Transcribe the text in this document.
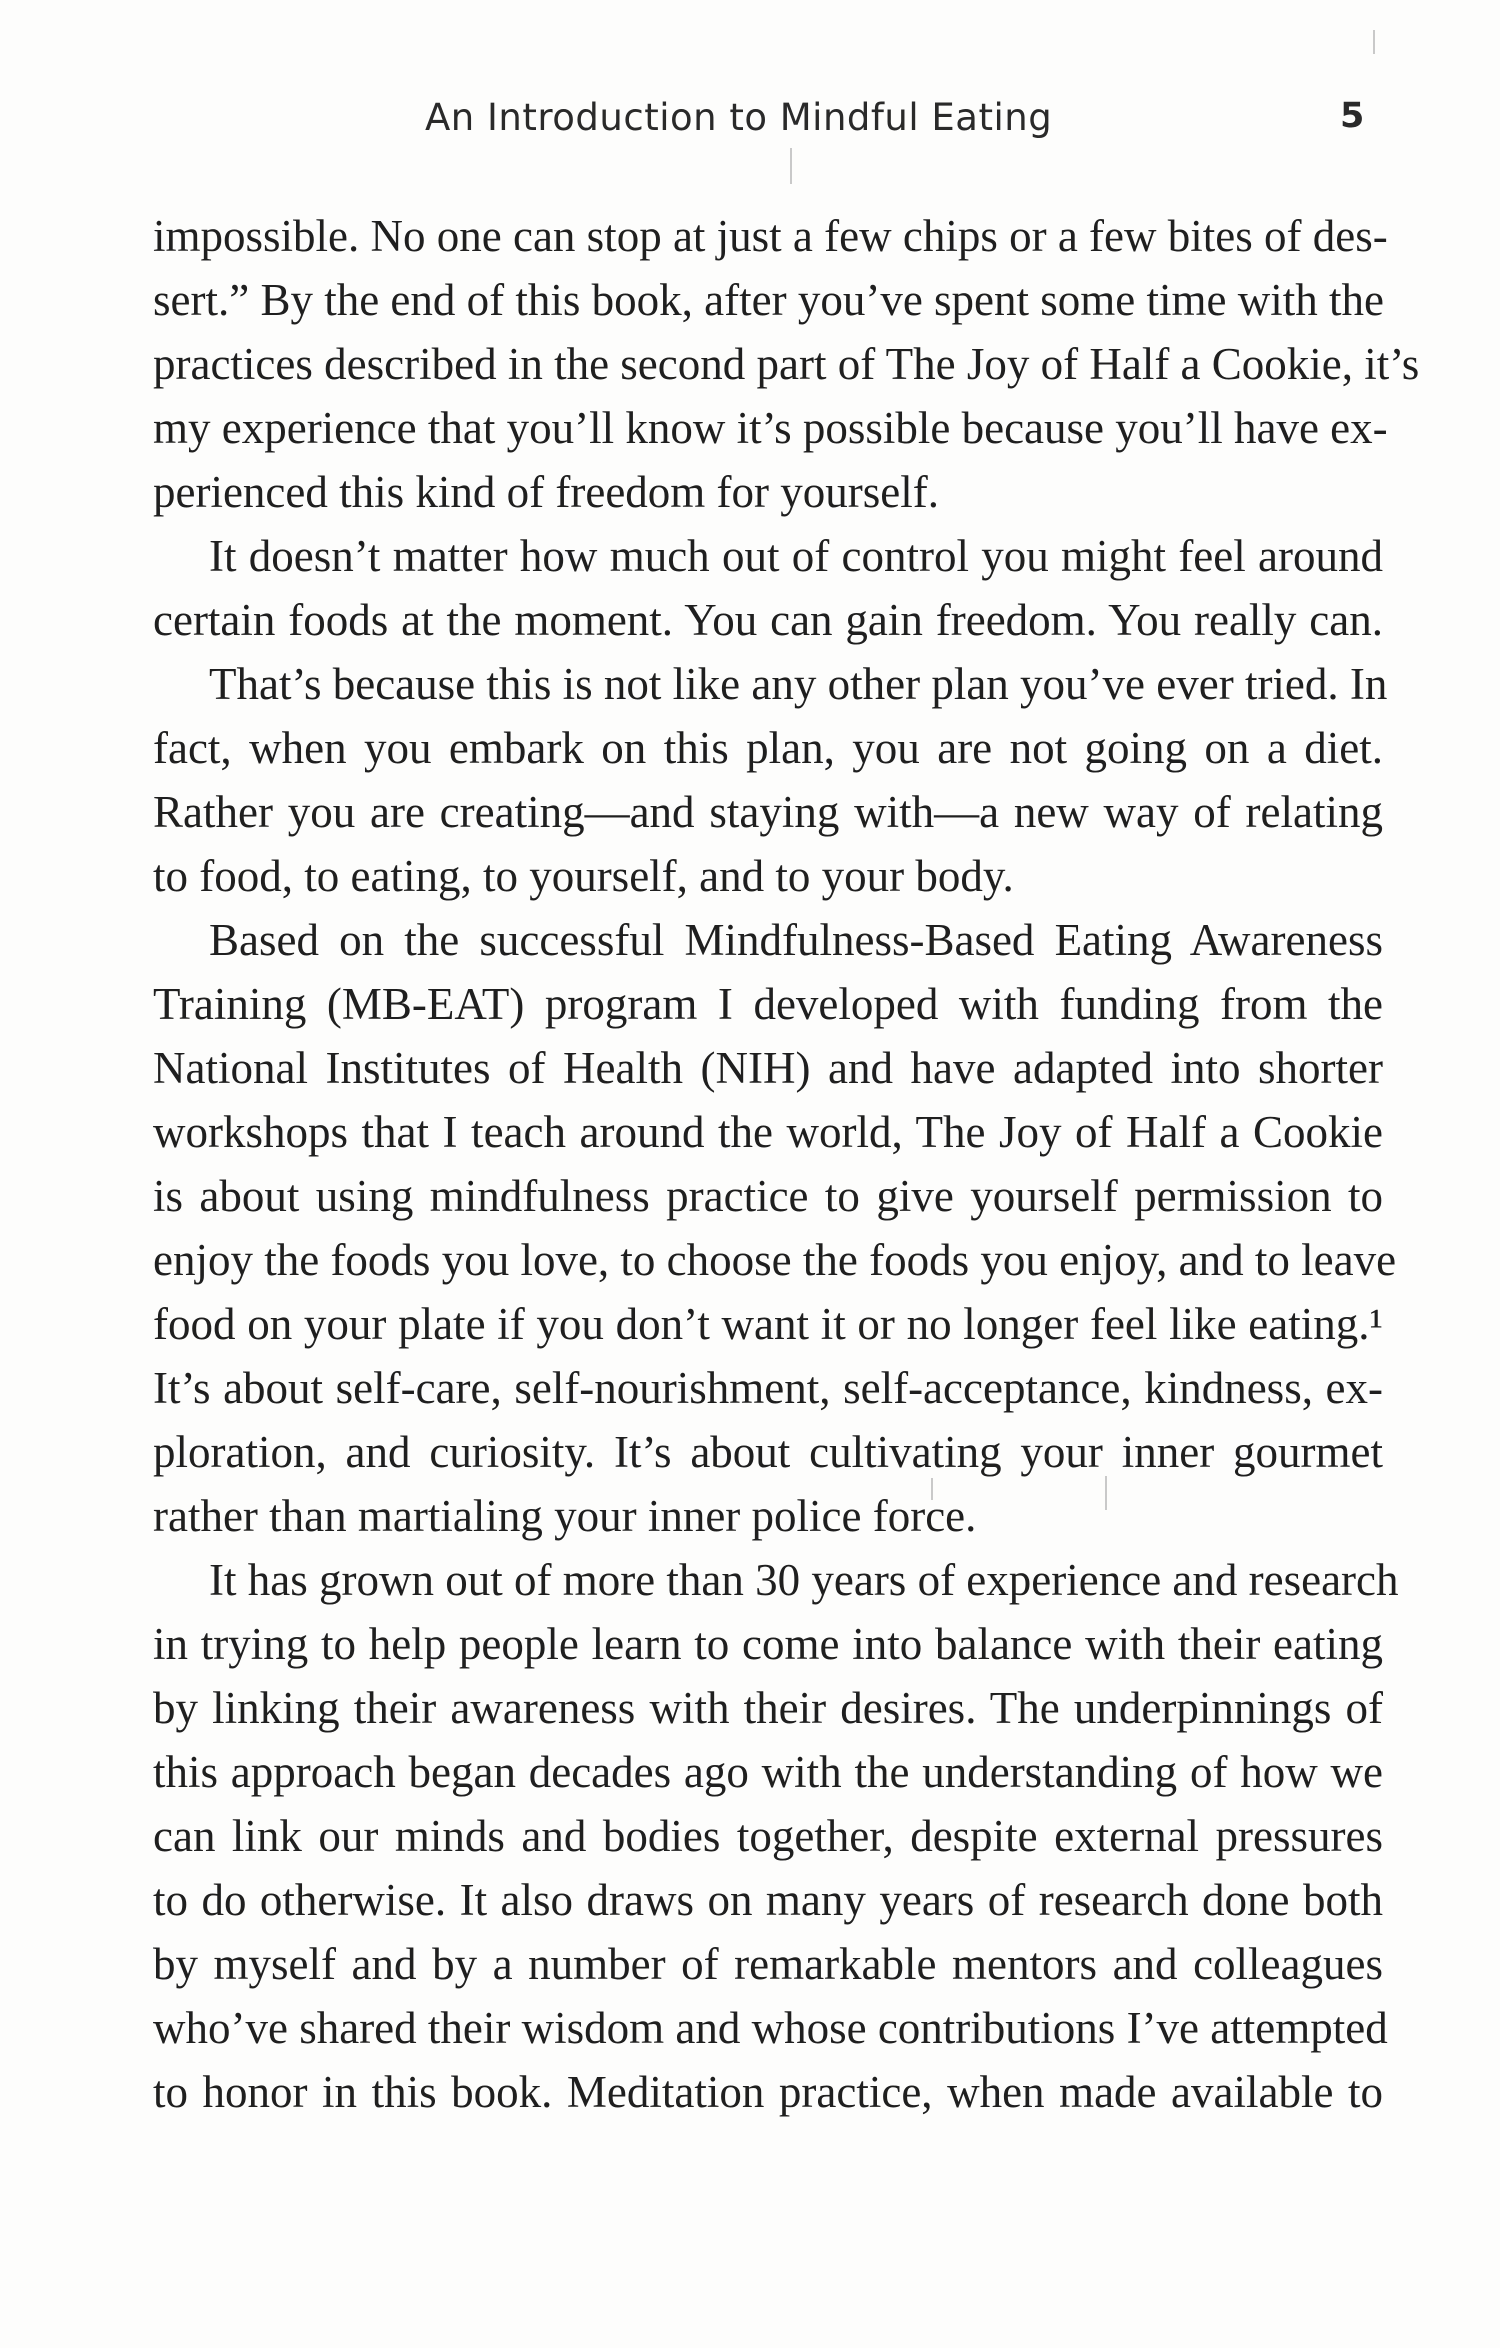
An Introduction to Mindful Eating	5
impossible. No one can stop at just a few chips or a few bites of des-
sert.” By the end of this book, after you’ve spent some time with the
practices described in the second part of The Joy of Half a Cookie, it’s
my experience that you’ll know it’s possible because you’ll have ex-
perienced this kind of freedom for yourself.
It doesn’t matter how much out of control you might feel around
certain foods at the moment. You can gain freedom. You really can.
That’s because this is not like any other plan you’ve ever tried. In
fact, when you embark on this plan, you are not going on a diet.
Rather you are creating—and staying with—a new way of relating
to food, to eating, to yourself, and to your body.
Based on the successful Mindfulness-Based Eating Awareness
Training (MB-EAT) program I developed with funding from the
National Institutes of Health (NIH) and have adapted into shorter
workshops that I teach around the world, The Joy of Half a Cookie
is about using mindfulness practice to give yourself permission to
enjoy the foods you love, to choose the foods you enjoy, and to leave
food on your plate if you don’t want it or no longer feel like eating.¹
It’s about self-care, self-nourishment, self-acceptance, kindness, ex-
ploration, and curiosity. It’s about cultivating your inner gourmet
rather than martialing your inner police force.
It has grown out of more than 30 years of experience and research
in trying to help people learn to come into balance with their eating
by linking their awareness with their desires. The underpinnings of
this approach began decades ago with the understanding of how we
can link our minds and bodies together, despite external pressures
to do otherwise. It also draws on many years of research done both
by myself and by a number of remarkable mentors and colleagues
who’ve shared their wisdom and whose contributions I’ve attempted
to honor in this book. Meditation practice, when made available to
